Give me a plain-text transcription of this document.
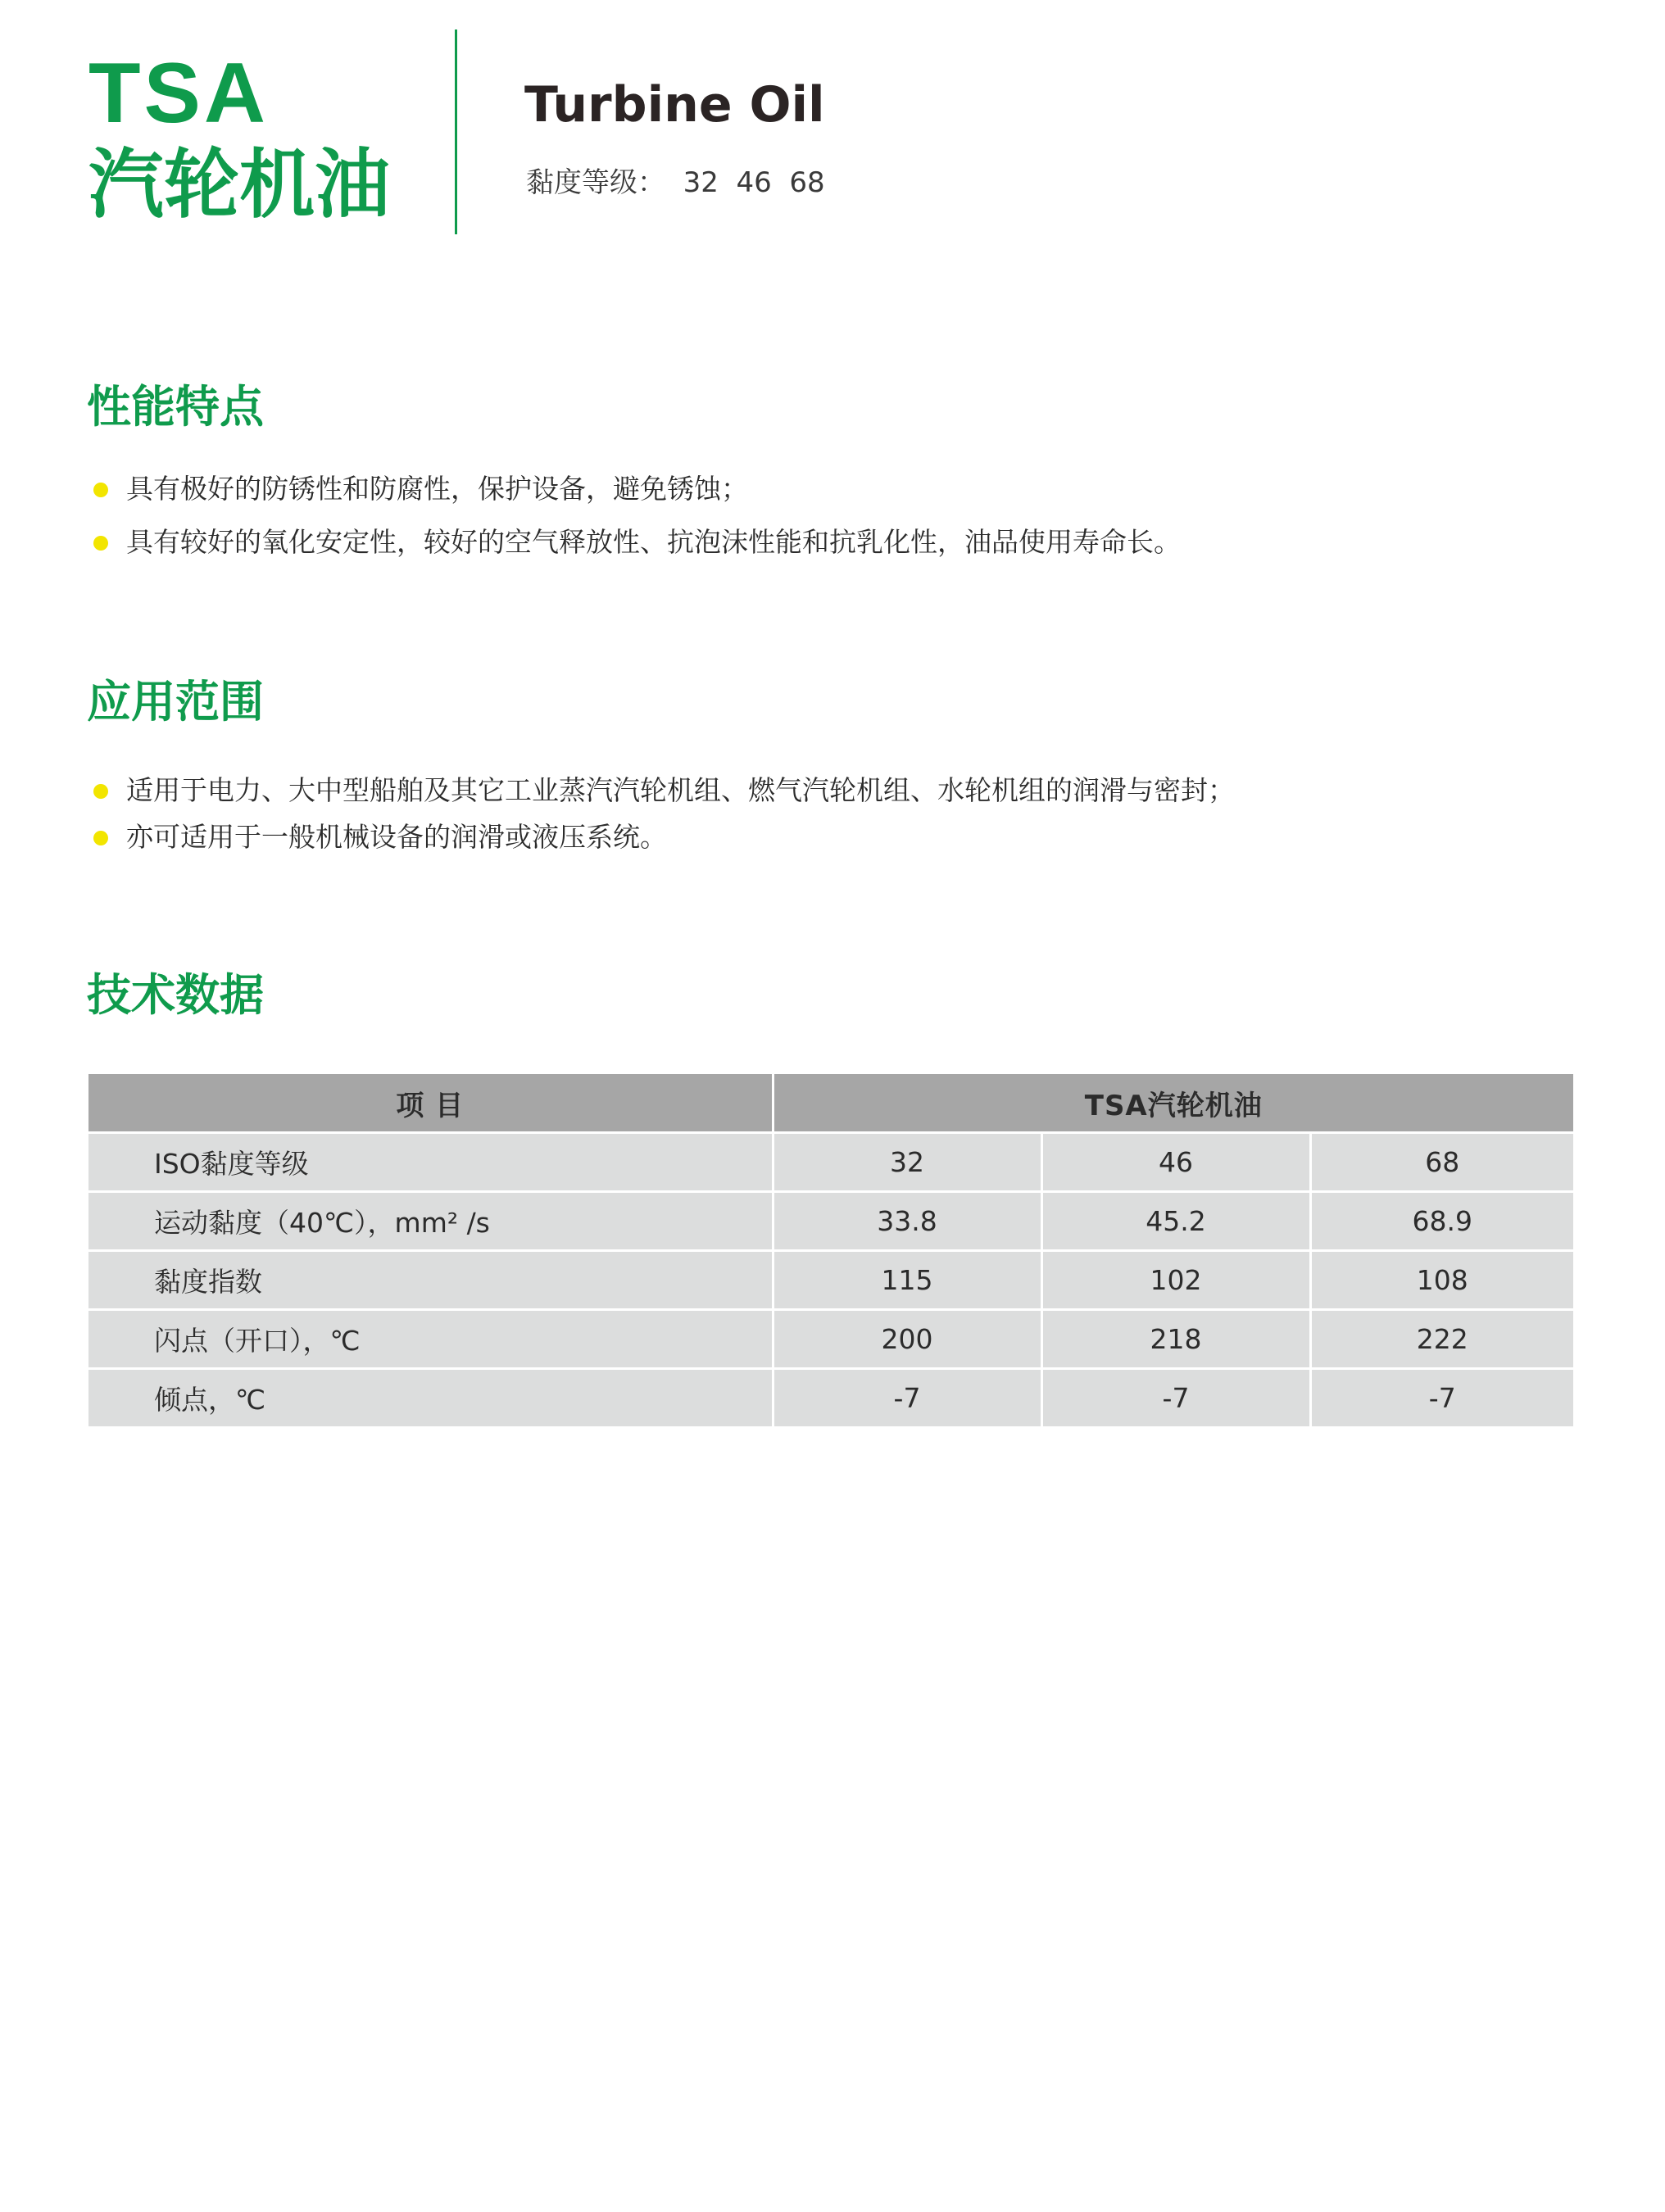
TSA
汽轮机油
Turbine Oil
黏度等级：  32  46  68
性能特点
具有极好的防锈性和防腐性，保护设备，避免锈蚀；
具有较好的氧化安定性，较好的空气释放性、抗泡沫性能和抗乳化性，油品使用寿命长。
应用范围
适用于电力、大中型船舶及其它工业蒸汽汽轮机组、燃气汽轮机组、水轮机组的润滑与密封；
亦可适用于一般机械设备的润滑或液压系统。
技术数据
项 目	TSA汽轮机油		
ISO黏度等级	32	46	68
运动黏度（40℃），mm² /s	33.8	45.2	68.9
黏度指数	115	102	108
闪点（开口），℃	200	218	222
倾点，℃	-7	-7	-7
